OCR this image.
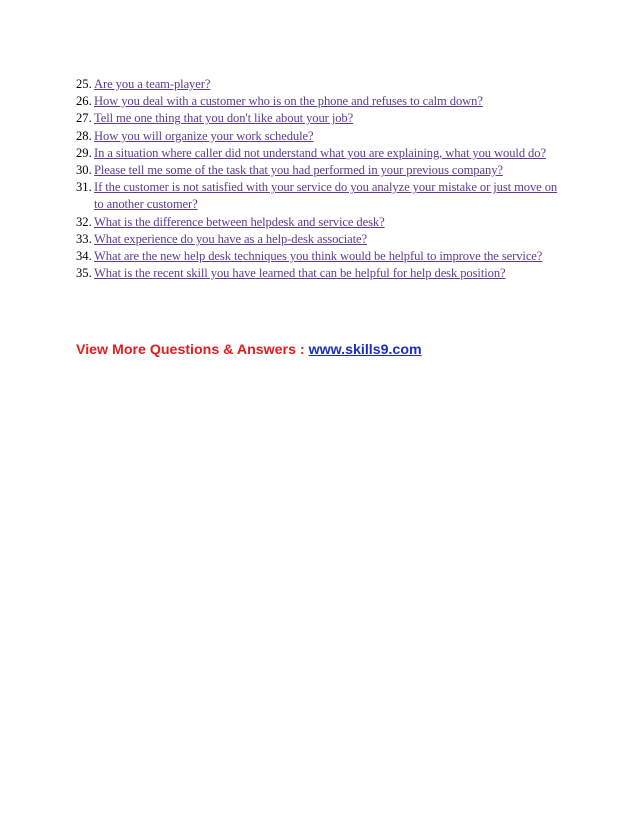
25. Are you a team-player?
26. How you deal with a customer who is on the phone and refuses to calm down?
27. Tell me one thing that you don't like about your job?
28. How you will organize your work schedule?
29. In a situation where caller did not understand what you are explaining, what you would do?
30. Please tell me some of the task that you had performed in your previous company?
31. If the customer is not satisfied with your service do you analyze your mistake or just move on to another customer?
32. What is the difference between helpdesk and service desk?
33. What experience do you have as a help-desk associate?
34. What are the new help desk techniques you think would be helpful to improve the service?
35. What is the recent skill you have learned that can be helpful for help desk position?
View More Questions & Answers : www.skills9.com
